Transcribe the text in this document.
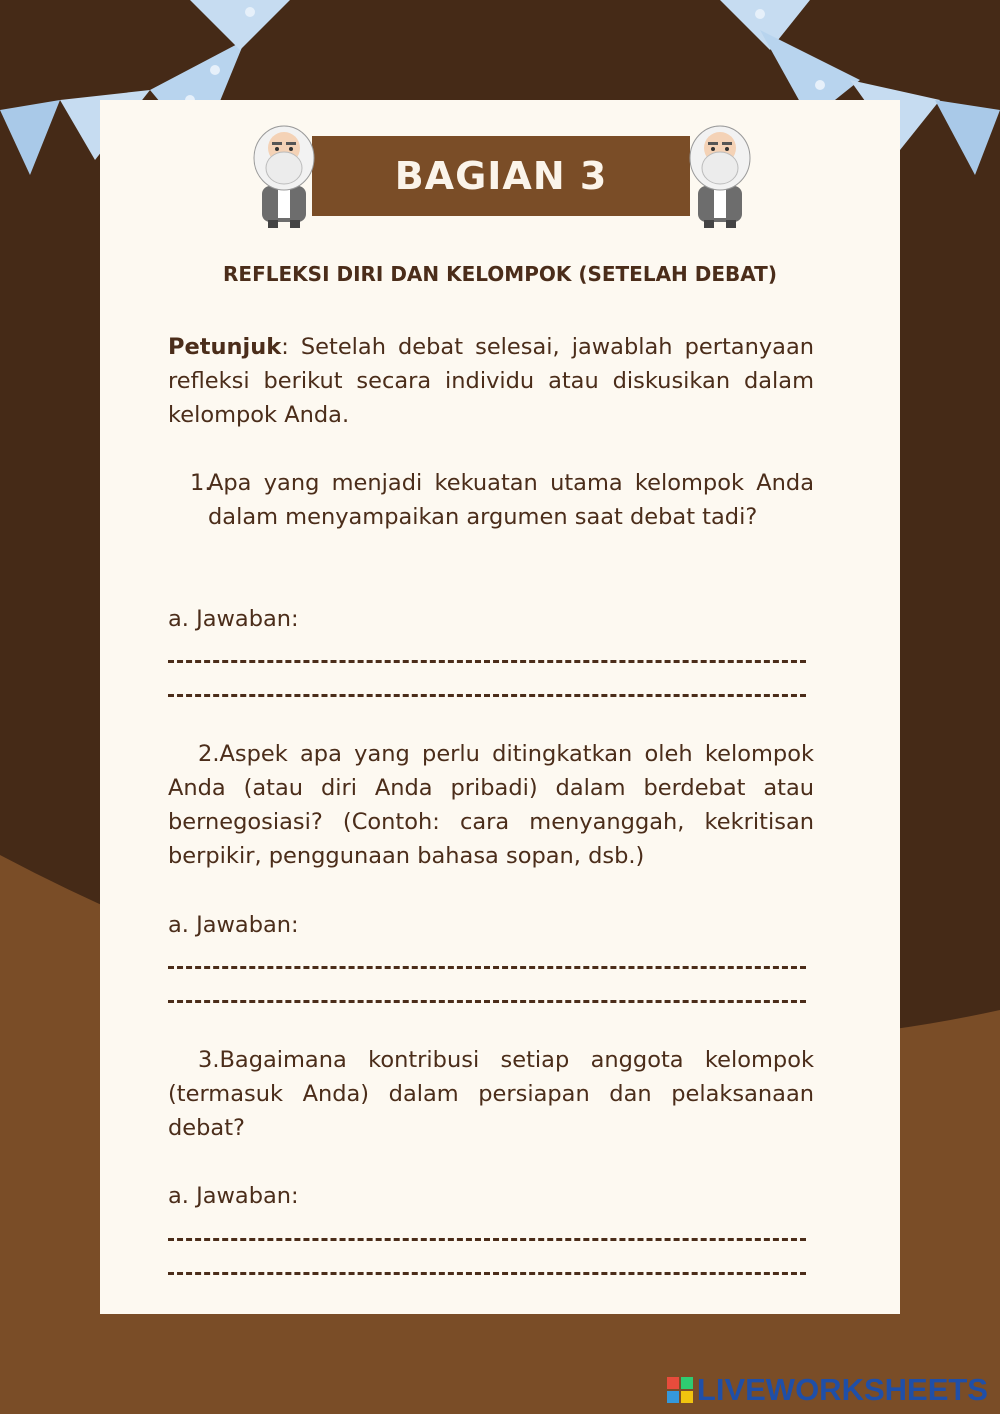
BAGIAN 3
REFLEKSI DIRI DAN KELOMPOK (SETELAH DEBAT)

Petunjuk: Setelah debat selesai, jawablah pertanyaan refleksi berikut secara individu atau diskusikan dalam kelompok Anda.

1.

Apa yang menjadi kekuatan utama kelompok Anda dalam menyampaikan argumen saat debat tadi?

a. Jawaban:

2.Aspek apa yang perlu ditingkatkan oleh kelompok Anda (atau diri Anda pribadi) dalam berdebat atau bernegosiasi? (Contoh: cara menyanggah, kekritisan berpikir, penggunaan bahasa sopan, dsb.)

a. Jawaban:

3.Bagaimana kontribusi setiap anggota kelompok (termasuk Anda) dalam persiapan dan pelaksanaan debat?

a. Jawaban:
LIVEWORKSHEETS
